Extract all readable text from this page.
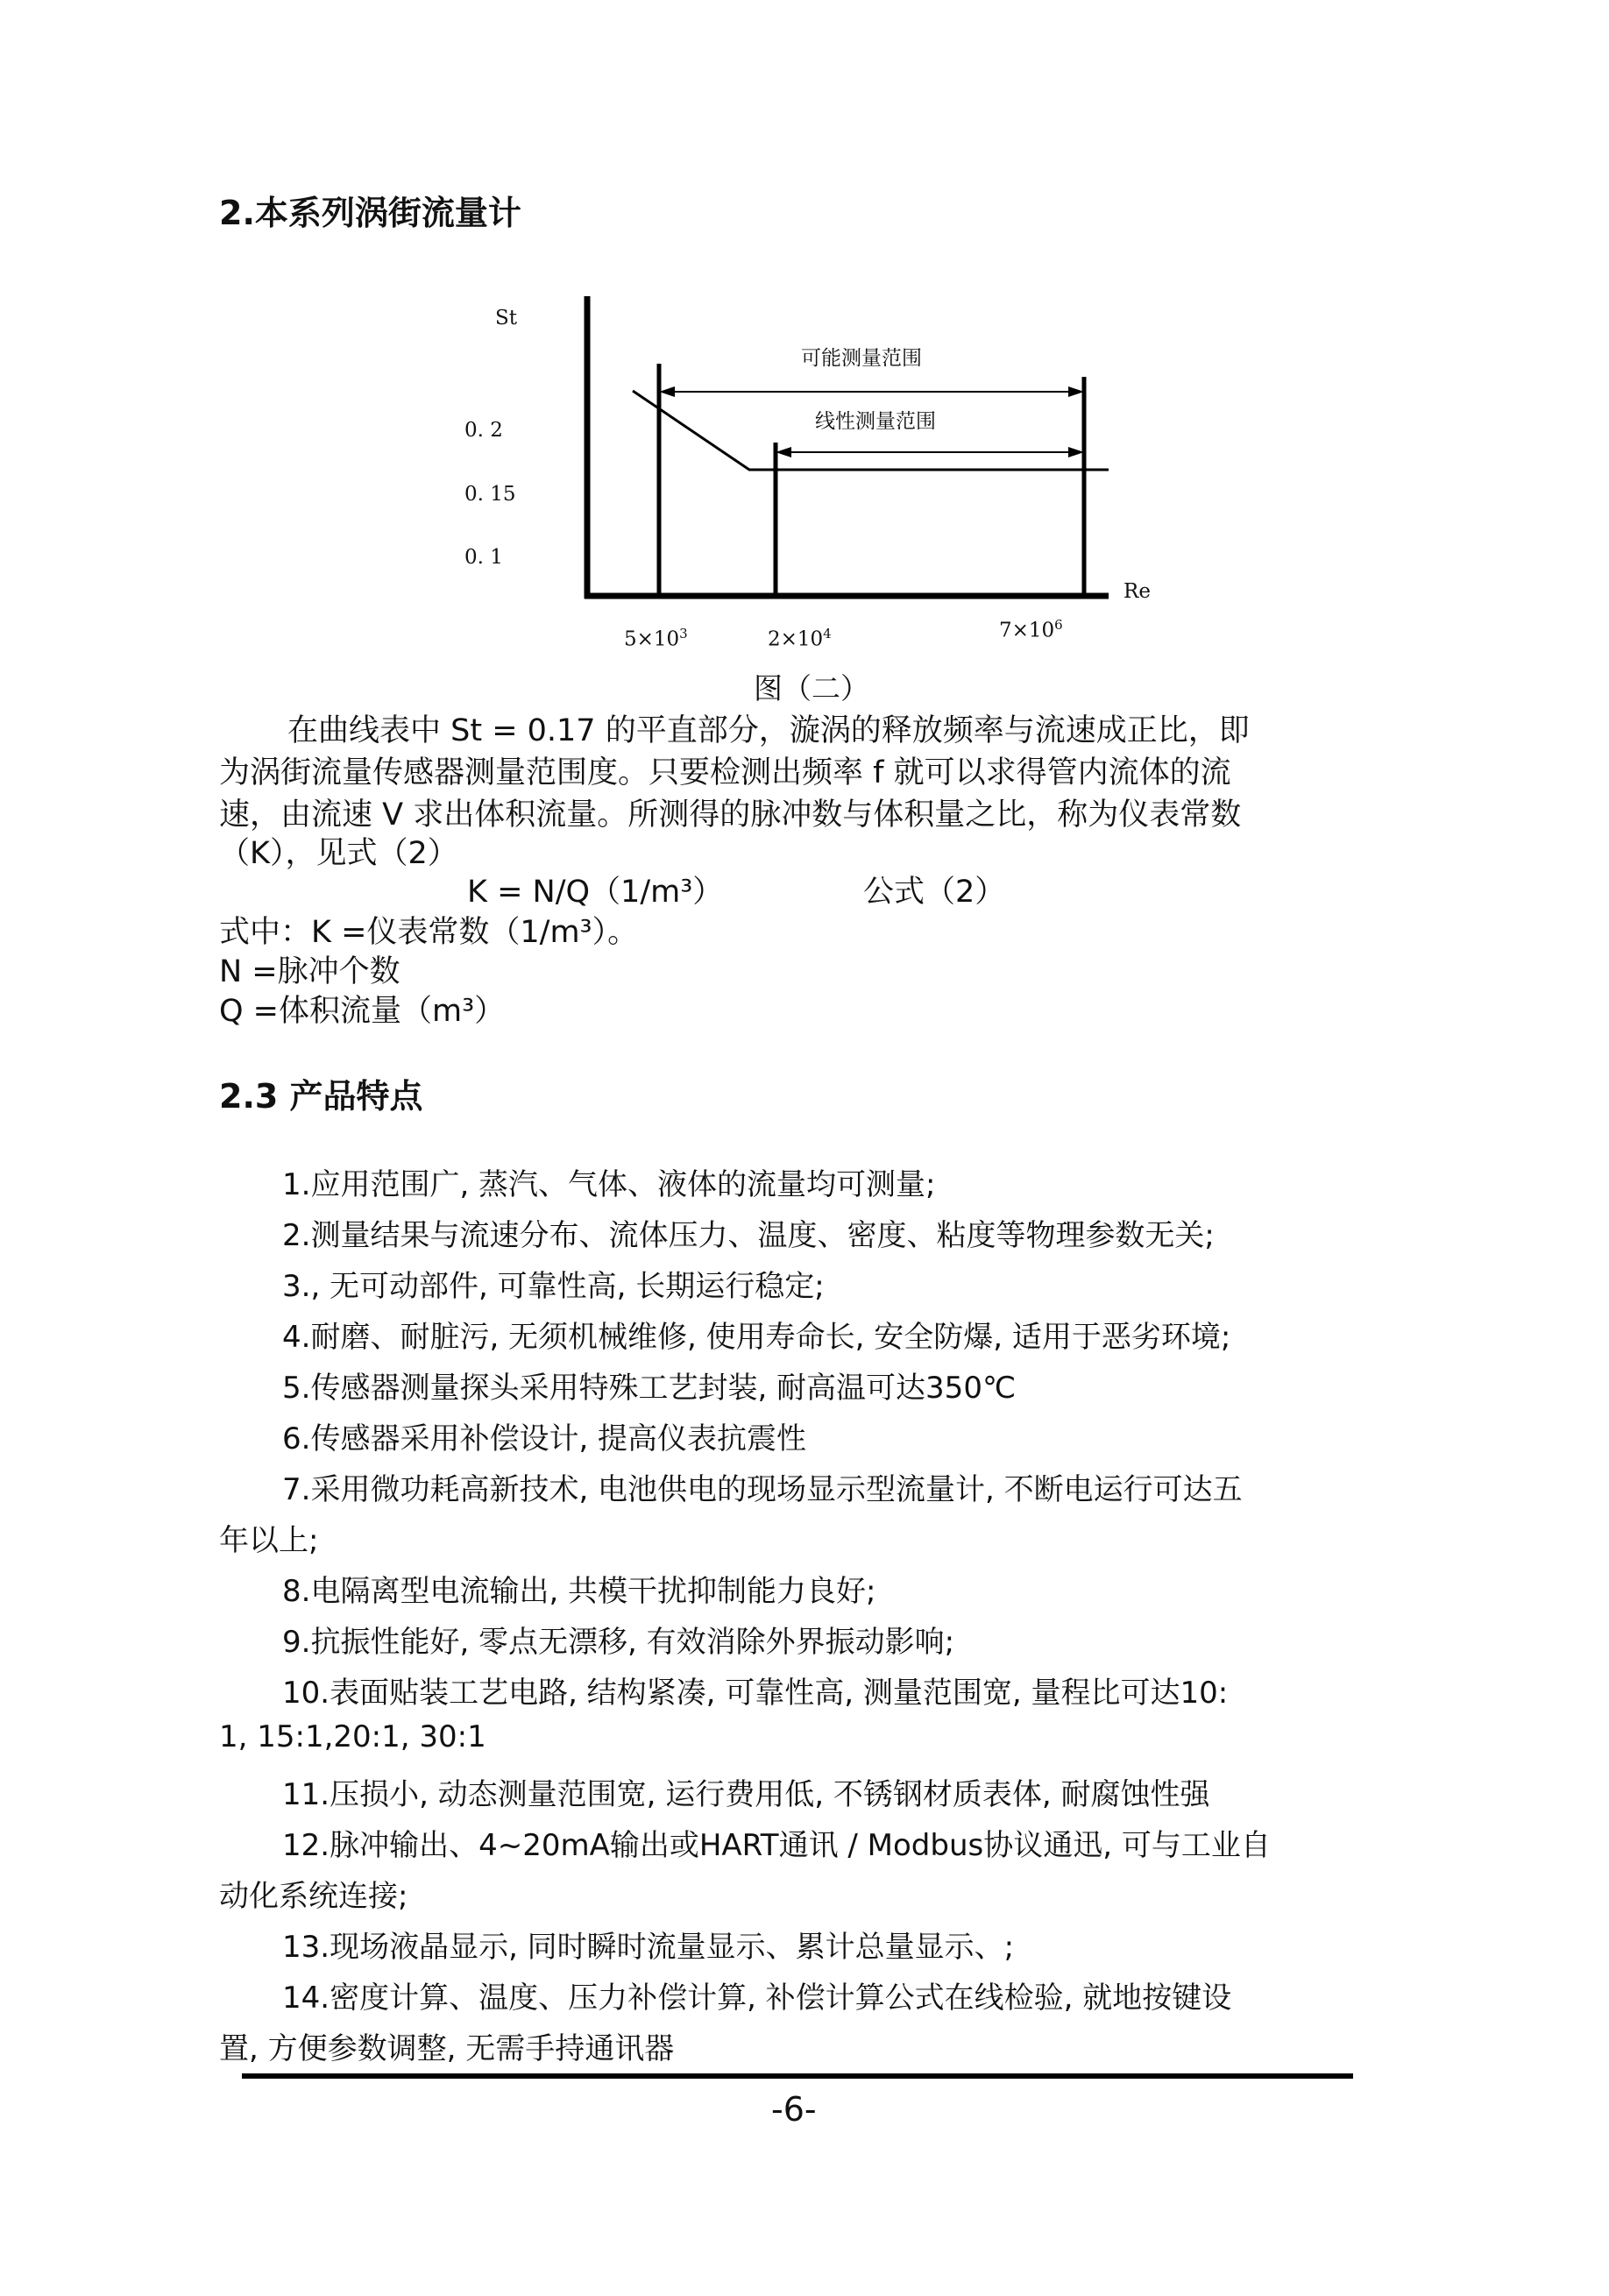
2.本系列涡街流量计
St
Re
0. 2
0. 15
0. 1
$5\times 10^3$	$2\times 10^4$	$7\times 10^6$
可能测量范围
线性测量范围
图（二）
在曲线表中 St = 0.17 的平直部分，漩涡的释放频率与流速成正比，即
为涡街流量传感器测量范围度。只要检测出频率 f 就可以求得管内流体的流
速，由流速 V 求出体积流量。所测得的脉冲数与体积量之比，称为仪表常数
（K），见式（2）
K = N/Q（1/m³）	公式（2）
式中：K =仪表常数（1/m³）。
N =脉冲个数
Q =体积流量（m³）
2.3 产品特点
1.应用范围广, 蒸汽、气体、液体的流量均可测量;
2.测量结果与流速分布、流体压力、温度、密度、粘度等物理参数无关;
3., 无可动部件, 可靠性高, 长期运行稳定;
4.耐磨、耐脏污, 无须机械维修, 使用寿命长, 安全防爆, 适用于恶劣环境;
5.传感器测量探头采用特殊工艺封装, 耐高温可达350℃
6.传感器采用补偿设计, 提高仪表抗震性
7.采用微功耗高新技术, 电池供电的现场显示型流量计, 不断电运行可达五
年以上;
8.电隔离型电流输出, 共模干扰抑制能力良好;
9.抗振性能好, 零点无漂移, 有效消除外界振动影响;
10.表面贴装工艺电路, 结构紧凑, 可靠性高, 测量范围宽, 量程比可达10:
1, 15:1,20:1, 30:1
11.压损小, 动态测量范围宽, 运行费用低, 不锈钢材质表体, 耐腐蚀性强
12.脉冲输出、4~20mA输出或HART通讯 / Modbus协议通迅, 可与工业自
动化系统连接;
13.现场液晶显示, 同时瞬时流量显示、累计总量显示、;
14.密度计算、温度、压力补偿计算, 补偿计算公式在线检验, 就地按键设
置, 方便参数调整, 无需手持通讯器
-6-
